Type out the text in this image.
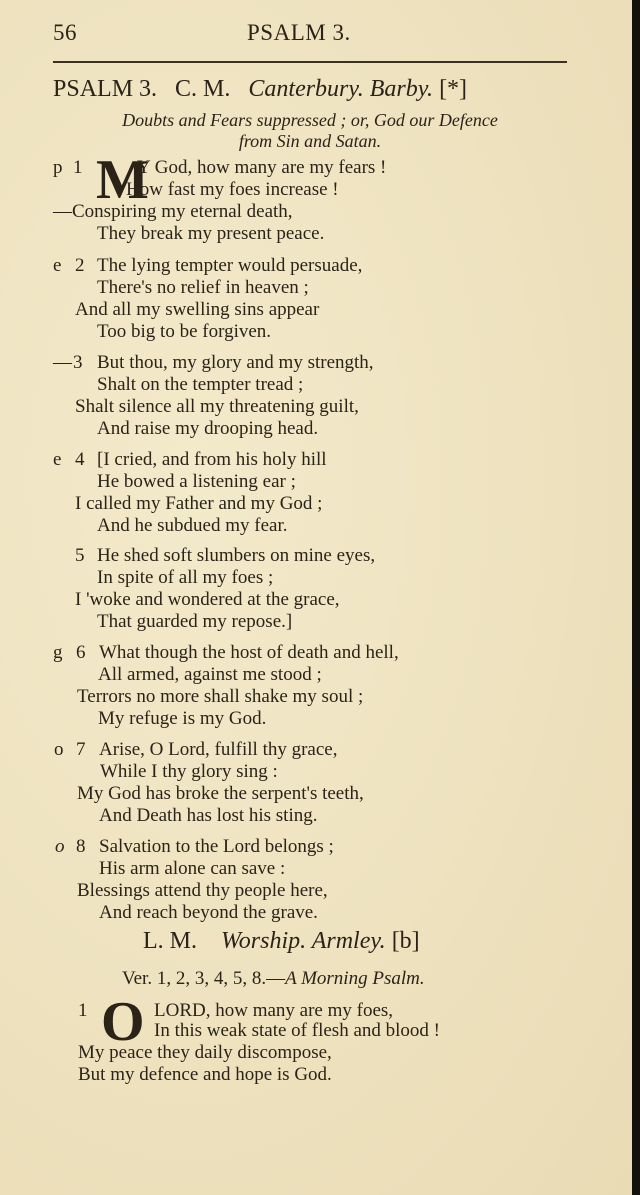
56	PSALM 3.
PSALM 3. C. M. Canterbury. Barby. [*]
Doubts and Fears suppressed ; or, God our Defence
from Sin and Satan.
p 1 M
Y God, how many are my fears !
How fast my foes increase !
—Conspiring my eternal death,
They break my present peace.
e 2 The lying tempter would persuade,
There's no relief in heaven ;
And all my swelling sins appear
Too big to be forgiven.
— 3 But thou, my glory and my strength,
Shalt on the tempter tread ;
Shalt silence all my threatening guilt,
And raise my drooping head.
e 4 [I cried, and from his holy hill
He bowed a listening ear ;
I called my Father and my God ;
And he subdued my fear.
5 He shed soft slumbers on mine eyes,
In spite of all my foes ;
I 'woke and wondered at the grace,
That guarded my repose.]
g 6 What though the host of death and hell,
All armed, against me stood ;
Terrors no more shall shake my soul ;
My refuge is my God.
o 7 Arise, O Lord, fulfill thy grace,
While I thy glory sing :
My God has broke the serpent's teeth,
And Death has lost his sting.
o 8 Salvation to the Lord belongs ;
His arm alone can save :
Blessings attend thy people here,
And reach beyond the grave.
L. M. Worship. Armley. [b]
Ver. 1, 2, 3, 4, 5, 8.—A Morning Psalm.
1 O LORD, how many are my foes,
In this weak state of flesh and blood !
My peace they daily discompose,
But my defence and hope is God.
